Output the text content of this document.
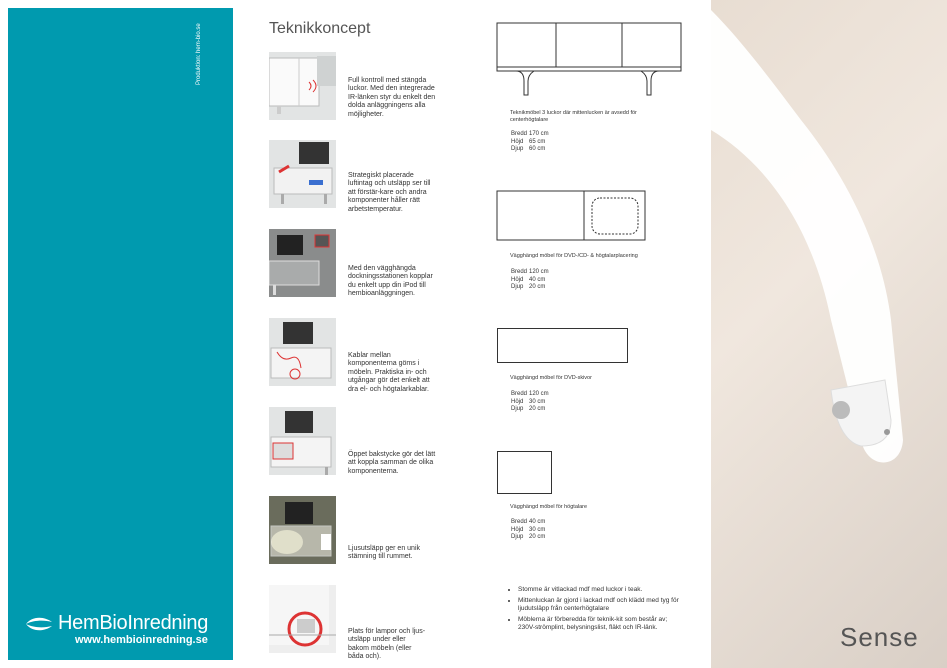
Produktion: hem-bio.se
HemBioInredning
www.hembioinredning.se
Teknikkoncept
Full kontroll med stängda luckor. Med den integrerade IR-länken styr du enkelt den dolda anläggningens alla möjligheter.
Strategiskt placerade luftintag och utsläpp ser till att förstär-kare och andra komponenter håller rätt arbetstemperatur.
Med den vägghängda dockningsstationen kopplar du enkelt upp din iPod till hembioanläggningen.
Kablar mellan komponenterna göms i möbeln. Praktiska in- och utgångar gör det enkelt att dra el- och högtalarkablar.
Öppet bakstycke gör det lätt att koppla samman de olika komponenterna.
Ljusutsläpp ger en unik stämning till rummet.
Plats för lampor och ljus-utsläpp under eller bakom möbeln (eller båda och).
Teknikmöbel 3 luckor där mittenlucken är avsedd för centerhögtalare
Bredd 170 cm
Höjd 65 cm
Djup 60 cm
Vägghängd möbel för DVD-/CD- & högtalarplacering
Bredd 120 cm
Höjd 40 cm
Djup 20 cm
Vägghängd möbel för DVD-skivor
Bredd 120 cm
Höjd 30 cm
Djup 20 cm
Vägghängd möbel för högtalare
Bredd 40 cm
Höjd 30 cm
Djup 20 cm
• Stomme är vitlackad mdf med luckor i teak.
• Mittenluckan är gjord i lackad mdf och klädd med tyg för ljudutsläpp från centerhögtalare
• Möblerna är förberedda för teknik-kit som består av; 230V-strömplint, belysningslist, fläkt och IR-länk.	Sense
